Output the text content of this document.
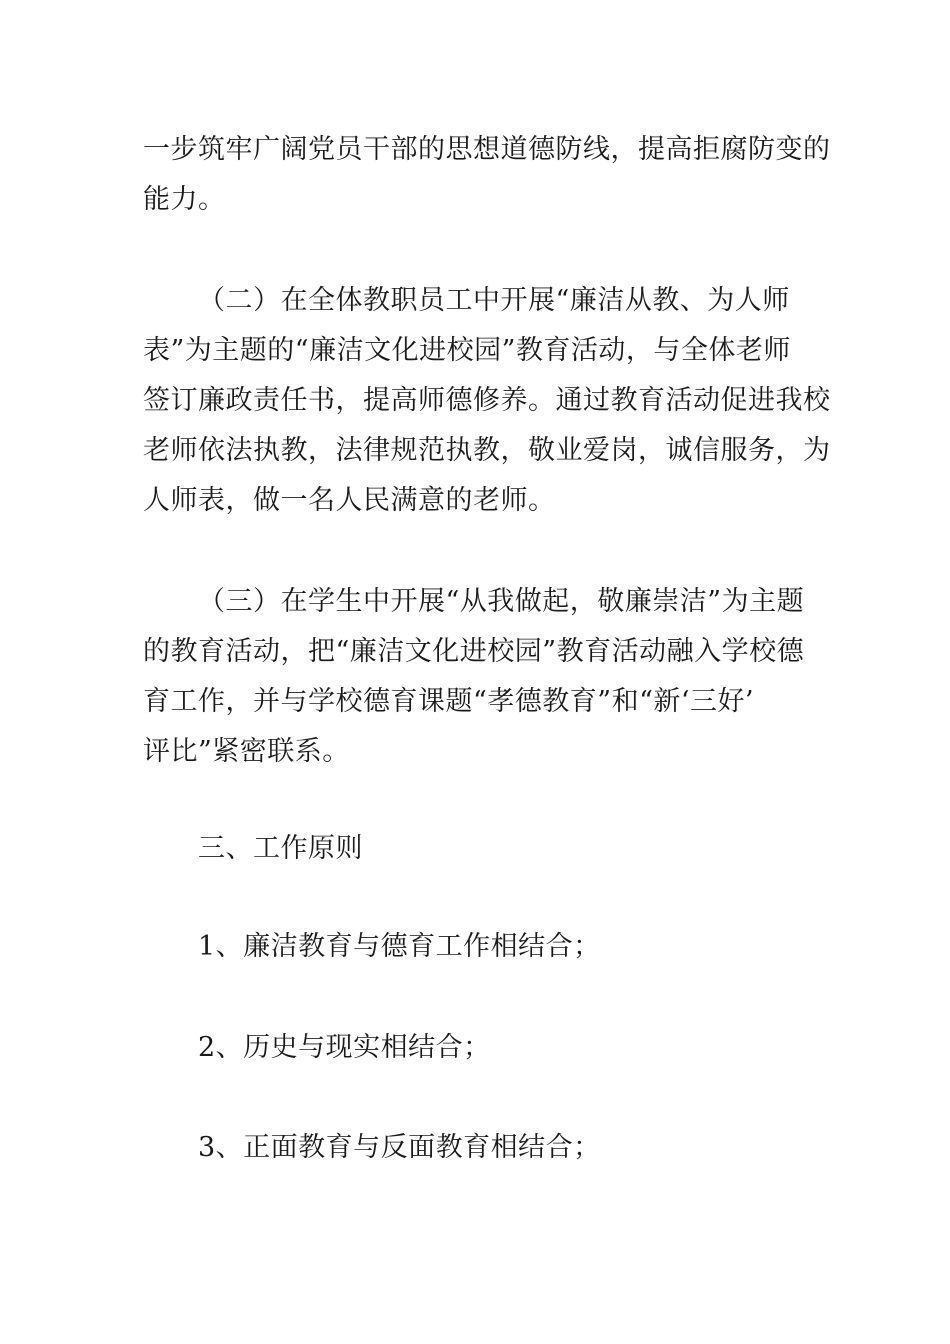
一步筑牢广阔党员干部的思想道德防线，提高拒腐防变的
能力。
（二）在全体教职员工中开展“廉洁从教、为人师
表”为主题的“廉洁文化进校园”教育活动，与全体老师
签订廉政责任书，提高师德修养。通过教育活动促进我校
老师依法执教，法律规范执教，敬业爱岗，诚信服务，为
人师表，做一名人民满意的老师。
（三）在学生中开展“从我做起，敬廉崇洁”为主题
的教育活动，把“廉洁文化进校园”教育活动融入学校德
育工作，并与学校德育课题“孝德教育”和“新‘三好’
评比”紧密联系。
三、工作原则
1、廉洁教育与德育工作相结合；
2、历史与现实相结合；
3、正面教育与反面教育相结合；
